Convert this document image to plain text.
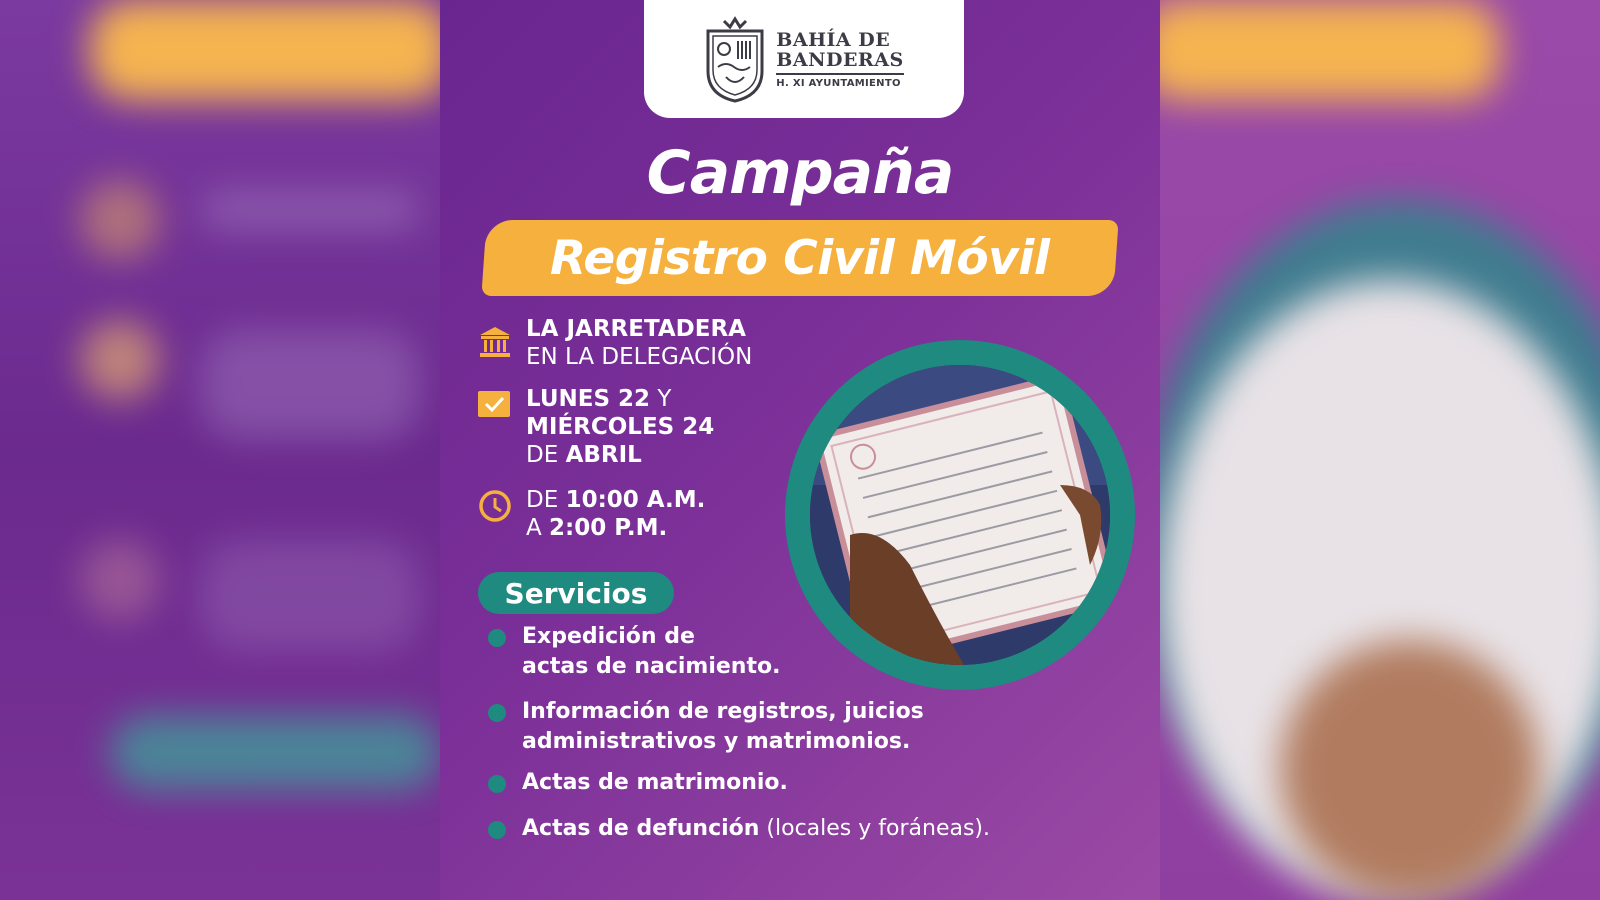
BAHÍA DE
BANDERAS
H. XI AYUNTAMIENTO
Campaña
Registro Civil Móvil
LA JARRETADERA
EN LA DELEGACIÓN
LUNES 22 Y
MIÉRCOLES 24
DE ABRIL
DE 10:00 A.M.
A 2:00 P.M.
Servicios
Expedición de
actas de nacimiento.
Información de registros, juicios
administrativos y matrimonios.
Actas de matrimonio.
Actas de defunción (locales y foráneas).
